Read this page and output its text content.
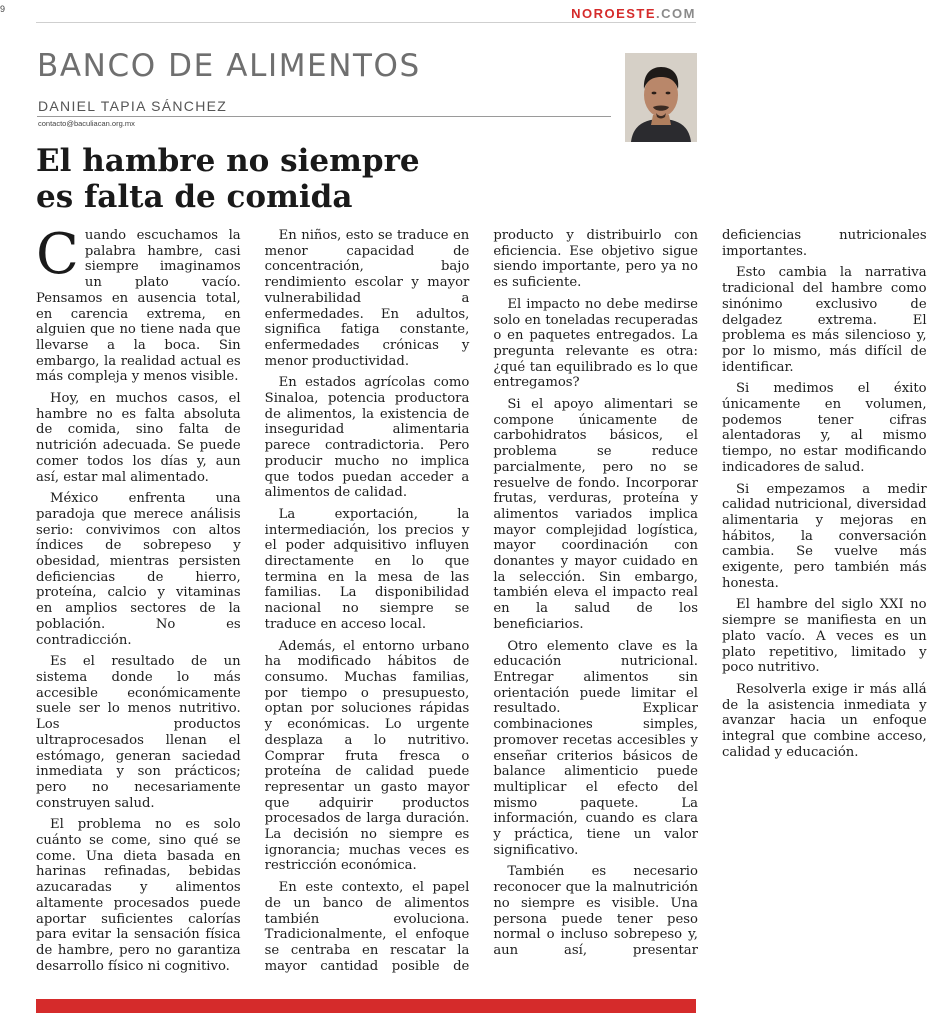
9	NOROESTE.COM
BANCO DE ALIMENTOS
DANIEL TAPIA SÁNCHEZ
contacto@baculiacan.org.mx
El hambre no siempre
es falta de comida

Cuando escuchamos la palabra hambre, casi siempre imaginamos un plato vacío. Pensamos en ausencia total, en carencia extrema, en alguien que no tiene nada que llevarse a la boca. Sin embargo, la realidad actual es más compleja y menos visible.

Hoy, en muchos casos, el hambre no es falta absoluta de comida, sino falta de nutrición adecuada. Se puede comer todos los días y, aun así, estar mal alimentado.

México enfrenta una paradoja que merece análisis serio: convivimos con altos índices de sobrepeso y obesidad, mientras persisten deficiencias de hierro, proteína, calcio y vitaminas en amplios sectores de la población. No es contradicción.

Es el resultado de un sistema donde lo más accesible económicamente suele ser lo menos nutritivo. Los productos ultraprocesados llenan el estómago, generan saciedad inmediata y son prácticos; pero no necesariamente construyen salud.

El problema no es solo cuánto se come, sino qué se come. Una dieta basada en harinas refinadas, bebidas azucaradas y alimentos altamente procesados puede aportar suficientes calorías para evitar la sensación física de hambre, pero no garantiza desarrollo físico ni cognitivo.

En niños, esto se traduce en menor capacidad de concentración, bajo rendimiento escolar y mayor vulnerabilidad a enfermedades. En adultos, significa fatiga constante, enfermedades crónicas y menor productividad.

En estados agrícolas como Sinaloa, potencia productora de alimentos, la existencia de inseguridad alimentaria parece contradictoria. Pero producir mucho no implica que todos puedan acceder a alimentos de calidad.

La exportación, la intermediación, los precios y el poder adquisitivo influyen directamente en lo que termina en la mesa de las familias. La disponibilidad nacional no siempre se traduce en acceso local.

Además, el entorno urbano ha modificado hábitos de consumo. Muchas familias, por tiempo o presupuesto, optan por soluciones rápidas y económicas. Lo urgente desplaza a lo nutritivo. Comprar fruta fresca o proteína de calidad puede representar un gasto mayor que adquirir productos procesados de larga duración. La decisión no siempre es ignorancia; muchas veces es restricción económica.

En este contexto, el papel de un banco de alimentos también evoluciona. Tradicionalmente, el enfoque se centraba en rescatar la mayor cantidad posible de producto y distribuirlo con eficiencia. Ese objetivo sigue siendo importante, pero ya no es suficiente.

El impacto no debe medirse solo en toneladas recuperadas o en paquetes entregados. La pregunta relevante es otra: ¿qué tan equilibrado es lo que entregamos?

Si el apoyo alimentari se compone únicamente de carbohidratos básicos, el problema se reduce parcialmente, pero no se resuelve de fondo. Incorporar frutas, verduras, proteína y alimentos variados implica mayor complejidad logística, mayor coordinación con donantes y mayor cuidado en la selección. Sin embargo, también eleva el impacto real en la salud de los beneficiarios.

Otro elemento clave es la educación nutricional. Entregar alimentos sin orientación puede limitar el resultado. Explicar combinaciones simples, promover recetas accesibles y enseñar criterios básicos de balance alimenticio puede multiplicar el efecto del mismo paquete. La información, cuando es clara y práctica, tiene un valor significativo.

También es necesario reconocer que la malnutrición no siempre es visible. Una persona puede tener peso normal o incluso sobrepeso y, aun así, presentar deficiencias nutricionales importantes.

Esto cambia la narrativa tradicional del hambre como sinónimo exclusivo de delgadez extrema. El problema es más silencioso y, por lo mismo, más difícil de identificar.

Si medimos el éxito únicamente en volumen, podemos tener cifras alentadoras y, al mismo tiempo, no estar modificando indicadores de salud.

Si empezamos a medir calidad nutricional, diversidad alimentaria y mejoras en hábitos, la conversación cambia. Se vuelve más exigente, pero también más honesta.

El hambre del siglo XXI no siempre se manifiesta en un plato vacío. A veces es un plato repetitivo, limitado y poco nutritivo.

Resolverla exige ir más allá de la asistencia inmediata y avanzar hacia un enfoque integral que combine acceso, calidad y educación.
